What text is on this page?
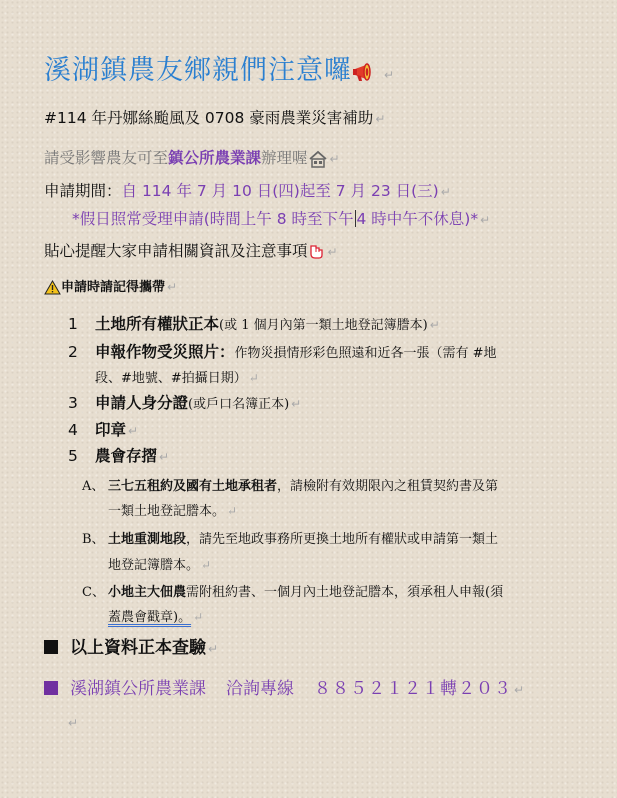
溪湖鎮農友鄉親們注意囉	↵
#114 年丹娜絲颱風及 0708 豪雨農業災害補助 ↵
請受影響農友可至鎮公所農業課辦理喔 ↵
申請期間：自 114 年 7 月 10 日(四)起至 7 月 23 日(三) ↵
*假日照常受理申請(時間上午 8 時至下午 4 時中午不休息)* ↵
貼心提醒大家申請相關資訊及注意事項 ↵
申請時請記得攜帶 ↵
1 土地所有權狀正本(或 1 個月內第一類土地登記簿謄本) ↵
2 申報作物受災照片：作物災損情形彩色照遠和近各一張（需有 #地
段、#地號、#拍攝日期） ↵
3 申請人身分證(或戶口名簿正本) ↵
4 印章 ↵
5 農會存摺 ↵
A、 三七五租約及國有土地承租者，請檢附有效期限內之租賃契約書及第
一類土地登記謄本。 ↵
B、 土地重測地段，請先至地政事務所更換土地所有權狀或申請第一類土
地登記簿謄本。 ↵
C、 小地主大佃農需附租約書、一個月內土地登記謄本，須承租人申報(須
蓋農會戳章)。 ↵
以上資料正本查驗 ↵
溪湖鎮公所農業課 洽詢專線 ８８５２１２１轉２０３ ↵
↵
